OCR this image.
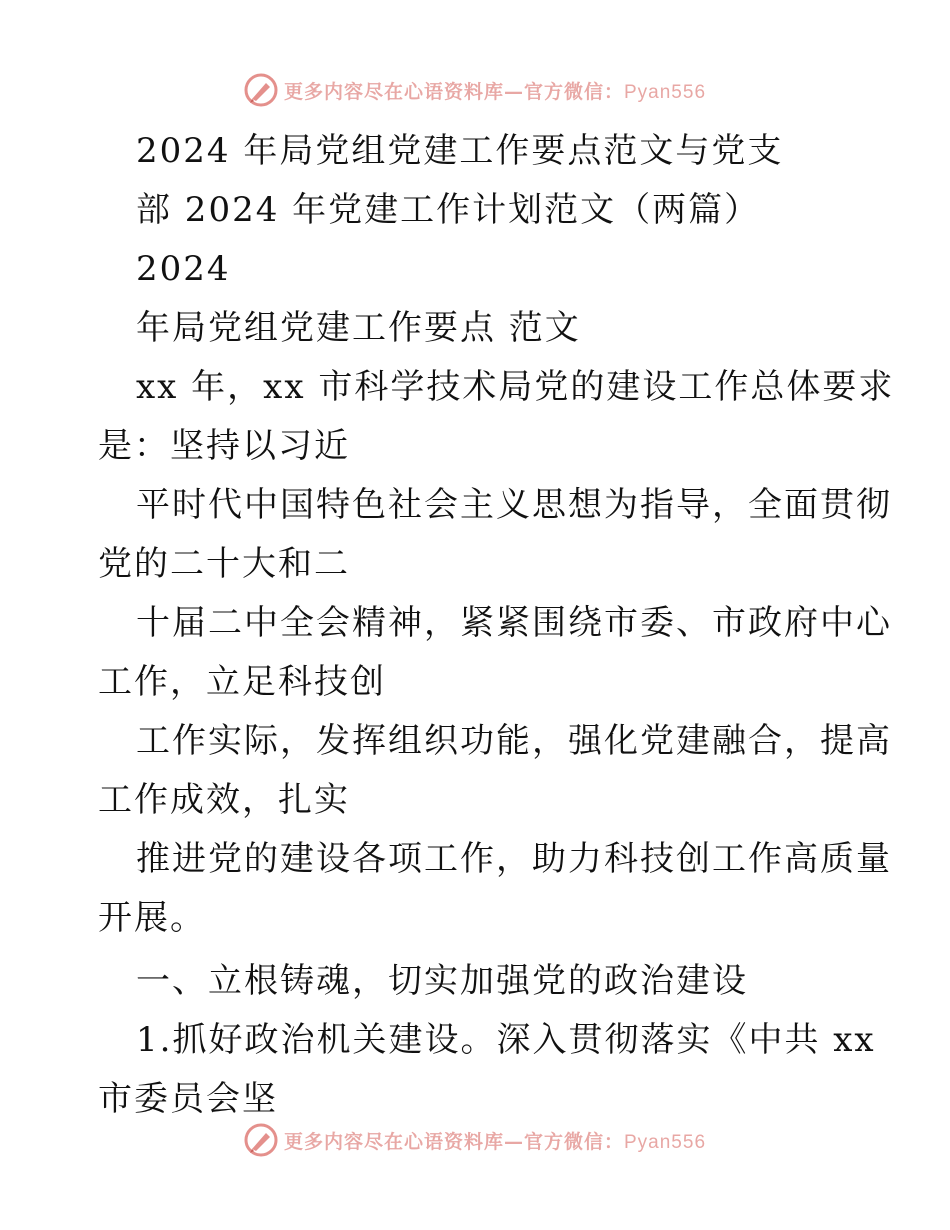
更多内容尽在心语资料库—官方微信：Pyan556
2024 年局党组党建工作要点范文与党支
部 2024 年党建工作计划范文（两篇）
2024
年局党组党建工作要点 范文
xx 年，xx 市科学技术局党的建设工作总体要求
是：坚持以习近
平时代中国特色社会主义思想为指导，全面贯彻
党的二十大和二
十届二中全会精神，紧紧围绕市委、市政府中心
工作，立足科技创
工作实际，发挥组织功能，强化党建融合，提高
工作成效，扎实
推进党的建设各项工作，助力科技创工作高质量
开展。
一、立根铸魂，切实加强党的政治建设
1.抓好政治机关建设。深入贯彻落实《中共 xx
市委员会坚
更多内容尽在心语资料库—官方微信：Pyan556
